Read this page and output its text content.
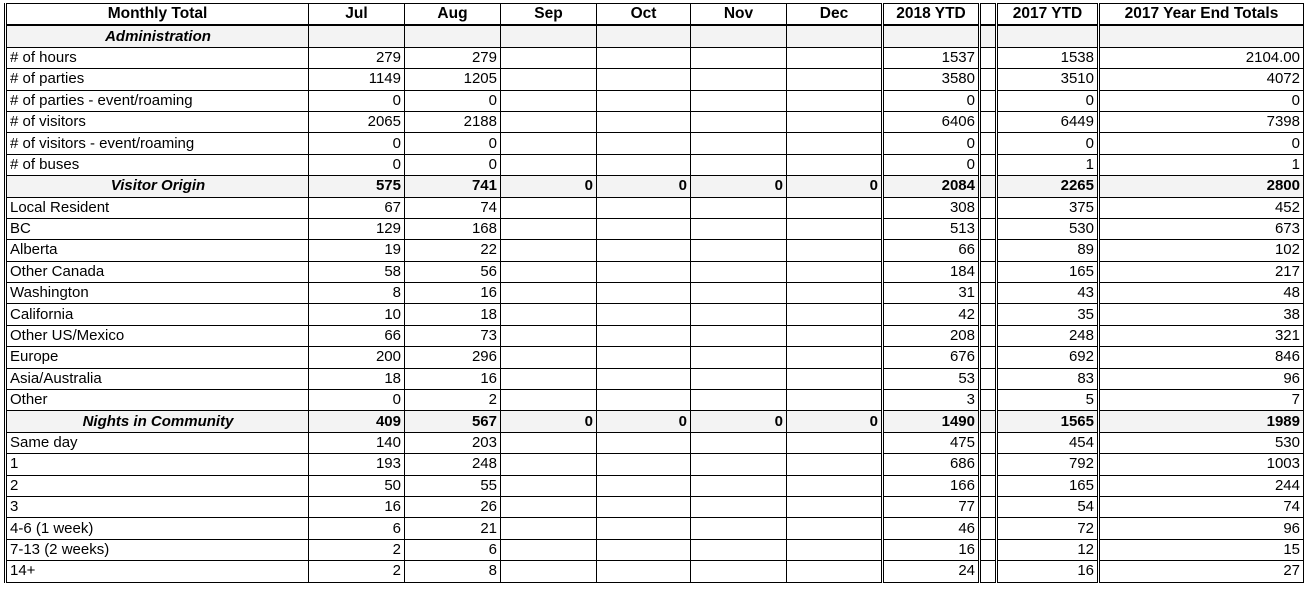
Monthly Total	Jul	Aug	Sep	Oct	Nov	Dec	2018 YTD		2017 YTD	2017 Year End Totals
Administration										
# of hours	279	279					1537		1538	2104.00
# of parties	1149	1205					3580		3510	4072
# of parties - event/roaming	0	0					0		0	0
# of visitors	2065	2188					6406		6449	7398
# of visitors - event/roaming	0	0					0		0	0
# of buses	0	0					0		1	1
Visitor Origin	575	741	0	0	0	0	2084		2265	2800
Local Resident	67	74					308		375	452
BC	129	168					513		530	673
Alberta	19	22					66		89	102
Other Canada	58	56					184		165	217
Washington	8	16					31		43	48
California	10	18					42		35	38
Other US/Mexico	66	73					208		248	321
Europe	200	296					676		692	846
Asia/Australia	18	16					53		83	96
Other	0	2					3		5	7
Nights in Community	409	567	0	0	0	0	1490		1565	1989
Same day	140	203					475		454	530
1	193	248					686		792	1003
2	50	55					166		165	244
3	16	26					77		54	74
4-6 (1 week)	6	21					46		72	96
7-13 (2 weeks)	2	6					16		12	15
14+	2	8					24		16	27
